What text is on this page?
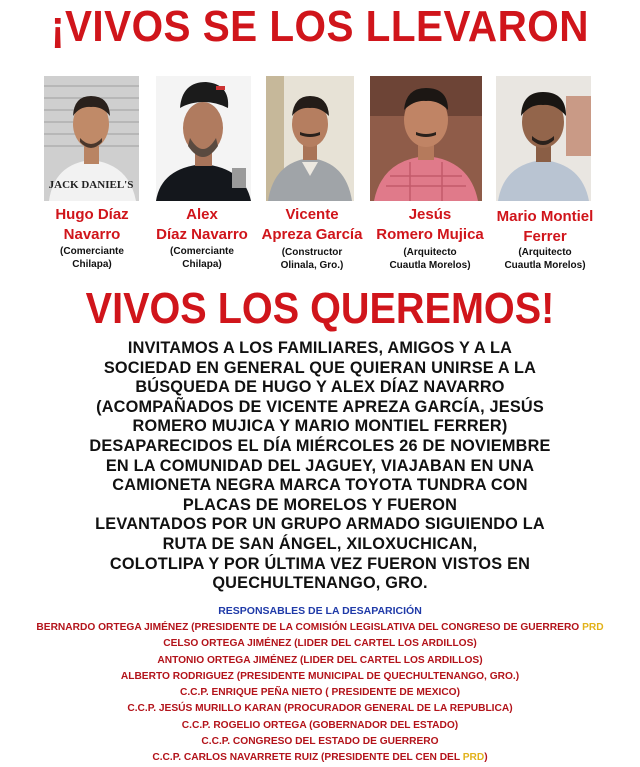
¡VIVOS SE LOS LLEVARON
JACK DANIEL'S
Hugo Díaz
Navarro
(Comerciante
Chilapa)
Alex
Díaz Navarro
(Comerciante
Chilapa)
Vicente
Apreza García
(Constructor
Olinala, Gro.)
Jesús
Romero Mujica
(Arquitecto
Cuautla Morelos)
Mario Montiel
Ferrer
(Arquitecto
Cuautla Morelos)
VIVOS LOS QUEREMOS!
INVITAMOS A LOS FAMILIARES, AMIGOS Y A LA
SOCIEDAD EN GENERAL QUE QUIERAN UNIRSE A LA
BÚSQUEDA DE HUGO Y ALEX DÍAZ NAVARRO
(ACOMPAÑADOS DE VICENTE APREZA GARCÍA, JESÚS
ROMERO MUJICA Y MARIO MONTIEL FERRER)
DESAPARECIDOS EL DÍA MIÉRCOLES 26 DE NOVIEMBRE
EN LA COMUNIDAD DEL JAGUEY, VIAJABAN EN UNA
CAMIONETA NEGRA MARCA TOYOTA TUNDRA CON
PLACAS DE MORELOS Y FUERON
LEVANTADOS POR UN GRUPO ARMADO SIGUIENDO LA
RUTA DE SAN ÁNGEL, XILOXUCHICAN,
COLOTLIPA Y POR ÚLTIMA VEZ FUERON VISTOS EN
QUECHULTENANGO, GRO.
RESPONSABLES DE LA DESAPARICIÓN
BERNARDO ORTEGA JIMÉNEZ (PRESIDENTE DE LA COMISIÓN LEGISLATIVA DEL CONGRESO DE GUERRERO PRD
CELSO ORTEGA JIMÉNEZ (LIDER DEL CARTEL LOS ARDILLOS)
ANTONIO ORTEGA JIMÉNEZ (LIDER DEL CARTEL LOS ARDILLOS)
ALBERTO RODRIGUEZ (PRESIDENTE MUNICIPAL DE QUECHULTENANGO, GRO.)
C.C.P. ENRIQUE PEÑA NIETO ( PRESIDENTE DE MEXICO)
C.C.P. JESÚS MURILLO KARAN (PROCURADOR GENERAL DE LA REPUBLICA)
C.C.P. ROGELIO ORTEGA (GOBERNADOR DEL ESTADO)
C.C.P. CONGRESO DEL ESTADO DE GUERRERO
C.C.P. CARLOS NAVARRETE RUIZ (PRESIDENTE DEL CEN DEL PRD)
